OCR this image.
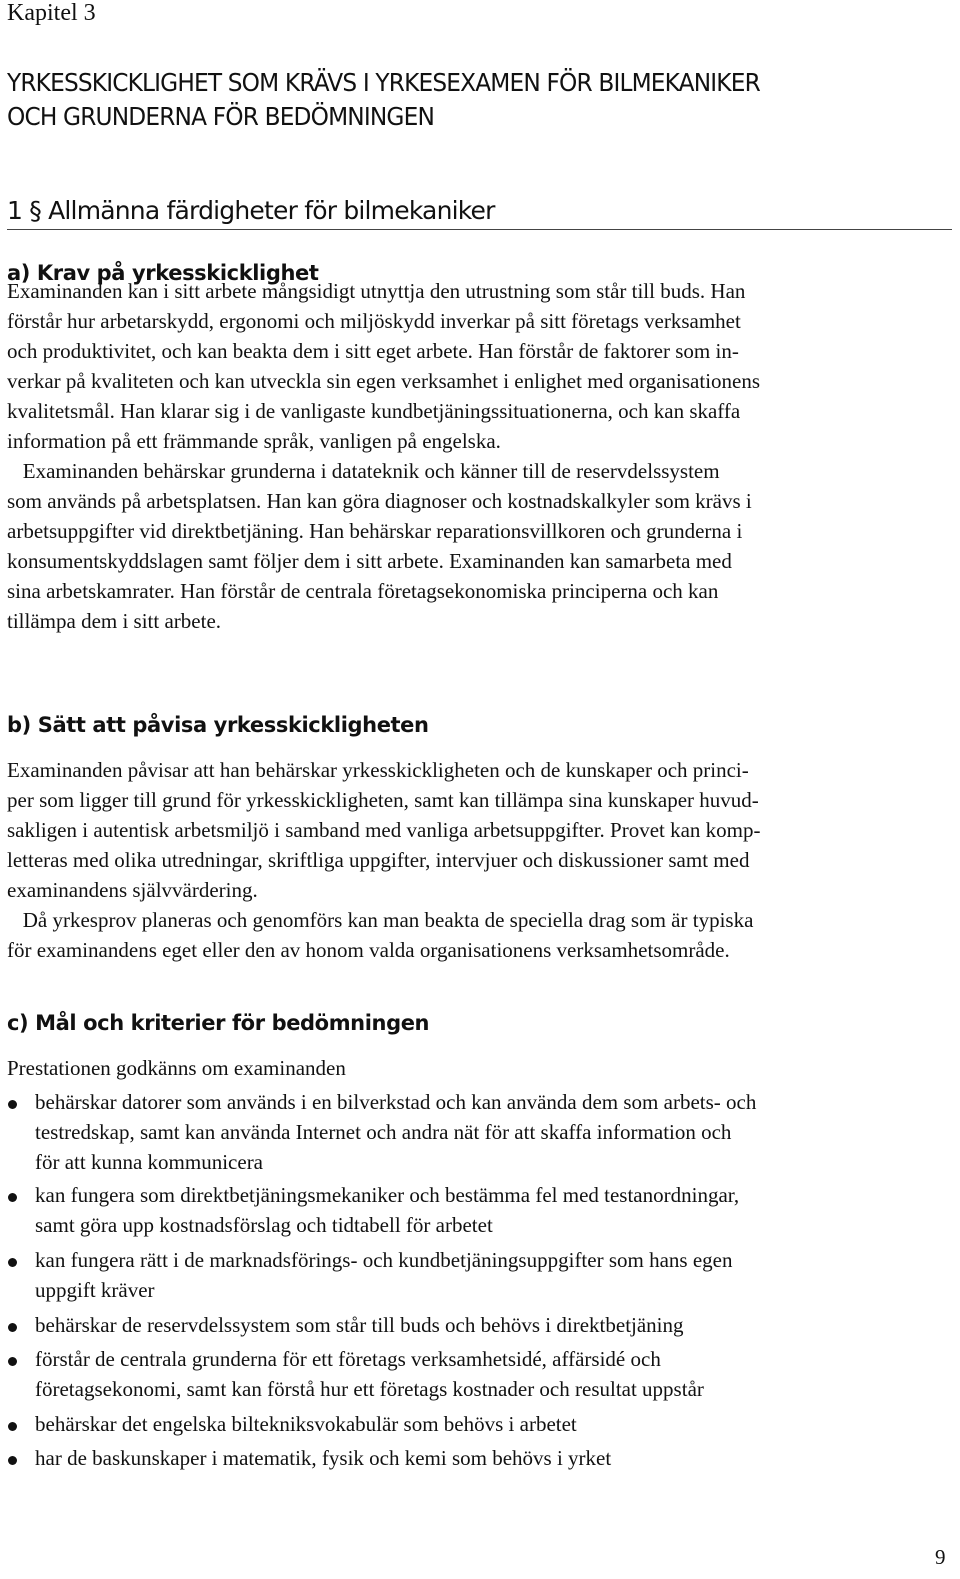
Kapitel 3
YRKESSKICKLIGHET SOM KRÄVS I YRKESEXAMEN FÖR BILMEKANIKER
OCH GRUNDERNA FÖR BEDÖMNINGEN
1 § Allmänna färdigheter för bilmekaniker
a) Krav på yrkesskicklighet
Examinanden kan i sitt arbete mångsidigt utnyttja den utrustning som står till buds. Han
förstår hur arbetarskydd, ergonomi och miljöskydd inverkar på sitt företags verksamhet
och produktivitet, och kan beakta dem i sitt eget arbete. Han förstår de faktorer som in-
verkar på kvaliteten och kan utveckla sin egen verksamhet i enlighet med organisationens
kvalitetsmål. Han klarar sig i de vanligaste kundbetjäningssituationerna, och kan skaffa
information på ett främmande språk, vanligen på engelska.
Examinanden behärskar grunderna i datateknik och känner till de reservdelssystem
som används på arbetsplatsen. Han kan göra diagnoser och kostnadskalkyler som krävs i
arbetsuppgifter vid direktbetjäning. Han behärskar reparationsvillkoren och grunderna i
konsumentskyddslagen samt följer dem i sitt arbete. Examinanden kan samarbeta med
sina arbetskamrater. Han förstår de centrala företagsekonomiska principerna och kan
tillämpa dem i sitt arbete.
b) Sätt att påvisa yrkesskickligheten
Examinanden påvisar att han behärskar yrkesskickligheten och de kunskaper och princi-
per som ligger till grund för yrkesskickligheten, samt kan tillämpa sina kunskaper huvud-
sakligen i autentisk arbetsmiljö i samband med vanliga arbetsuppgifter. Provet kan komp-
letteras med olika utredningar, skriftliga uppgifter, intervjuer och diskussioner samt med
examinandens självvärdering.
Då yrkesprov planeras och genomförs kan man beakta de speciella drag som är typiska
för examinandens eget eller den av honom valda organisationens verksamhetsområde.
c) Mål och kriterier för bedömningen
Prestationen godkänns om examinanden
behärskar datorer som används i en bilverkstad och kan använda dem som arbets- och
testredskap, samt kan använda Internet och andra nät för att skaffa information och
för att kunna kommunicera
kan fungera som direktbetjäningsmekaniker och bestämma fel med testanordningar,
samt göra upp kostnadsförslag och tidtabell för arbetet
kan fungera rätt i de marknadsförings- och kundbetjäningsuppgifter som hans egen
uppgift kräver
behärskar de reservdelssystem som står till buds och behövs i direktbetjäning
förstår de centrala grunderna för ett företags verksamhetsidé, affärsidé och
företagsekonomi, samt kan förstå hur ett företags kostnader och resultat uppstår
behärskar det engelska biltekniksvokabulär som behövs i arbetet
har de baskunskaper i matematik, fysik och kemi som behövs i yrket
9
